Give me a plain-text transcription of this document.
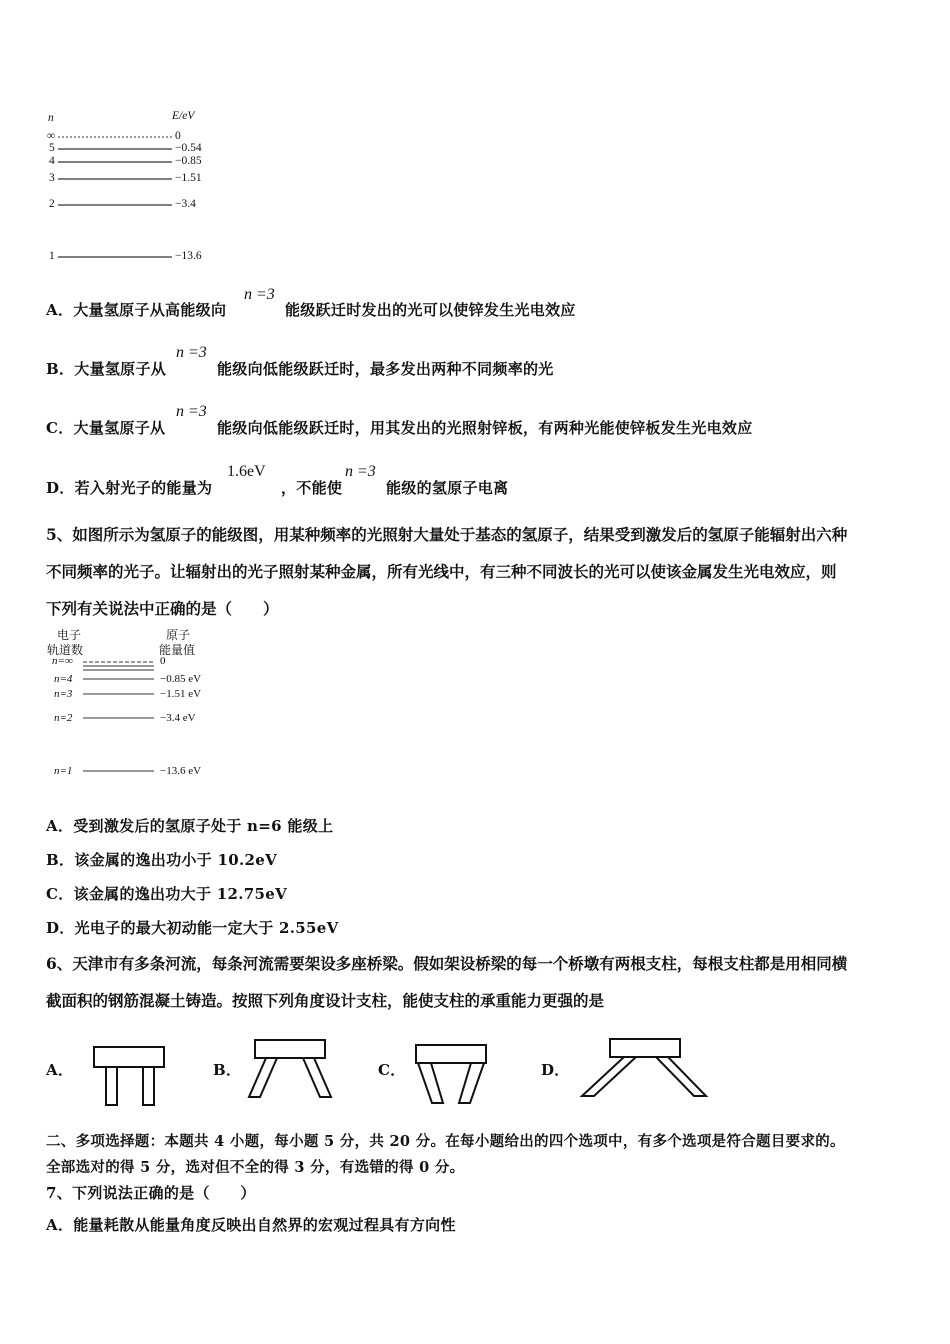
n	E/eV
∞	0
5	−0.54
4	−0.85
3	−1.51
2	−3.4
1	−13.6
A．大量氢原子从高能级向
n =3
能级跃迁时发出的光可以使锌发生光电效应
B．大量氢原子从
n =3
能级向低能级跃迁时，最多发出两种不同频率的光
C．大量氢原子从
n =3
能级向低能级跃迁时，用其发出的光照射锌板，有两种光能使锌板发生光电效应
D．若入射光子的能量为
1.6eV
，不能使
n =3
能级的氢原子电离
5、如图所示为氢原子的能级图，用某种频率的光照射大量处于基态的氢原子，结果受到激发后的氢原子能辐射出六种
不同频率的光子。让辐射出的光子照射某种金属，所有光线中，有三种不同波长的光可以使该金属发生光电效应，则
下列有关说法中正确的是（　　）
电子
轨道数
原子
能量值
n=∞	0
n=4	−0.85 eV
n=3	−1.51 eV
n=2	−3.4 eV
n=1	−13.6 eV
A．受到激发后的氢原子处于 n=6 能级上
B．该金属的逸出功小于 10.2eV
C．该金属的逸出功大于 12.75eV
D．光电子的最大初动能一定大于 2.55eV
6、天津市有多条河流，每条河流需要架设多座桥梁。假如架设桥梁的每一个桥墩有两根支柱，每根支柱都是用相同横
截面积的钢筋混凝土铸造。按照下列角度设计支柱，能使支柱的承重能力更强的是
A．	B．	C．	D．
二、多项选择题：本题共 4 小题，每小题 5 分，共 20 分。在每小题给出的四个选项中，有多个选项是符合题目要求的。
全部选对的得 5 分，选对但不全的得 3 分，有选错的得 0 分。
7、下列说法正确的是（　　）
A．能量耗散从能量角度反映出自然界的宏观过程具有方向性
